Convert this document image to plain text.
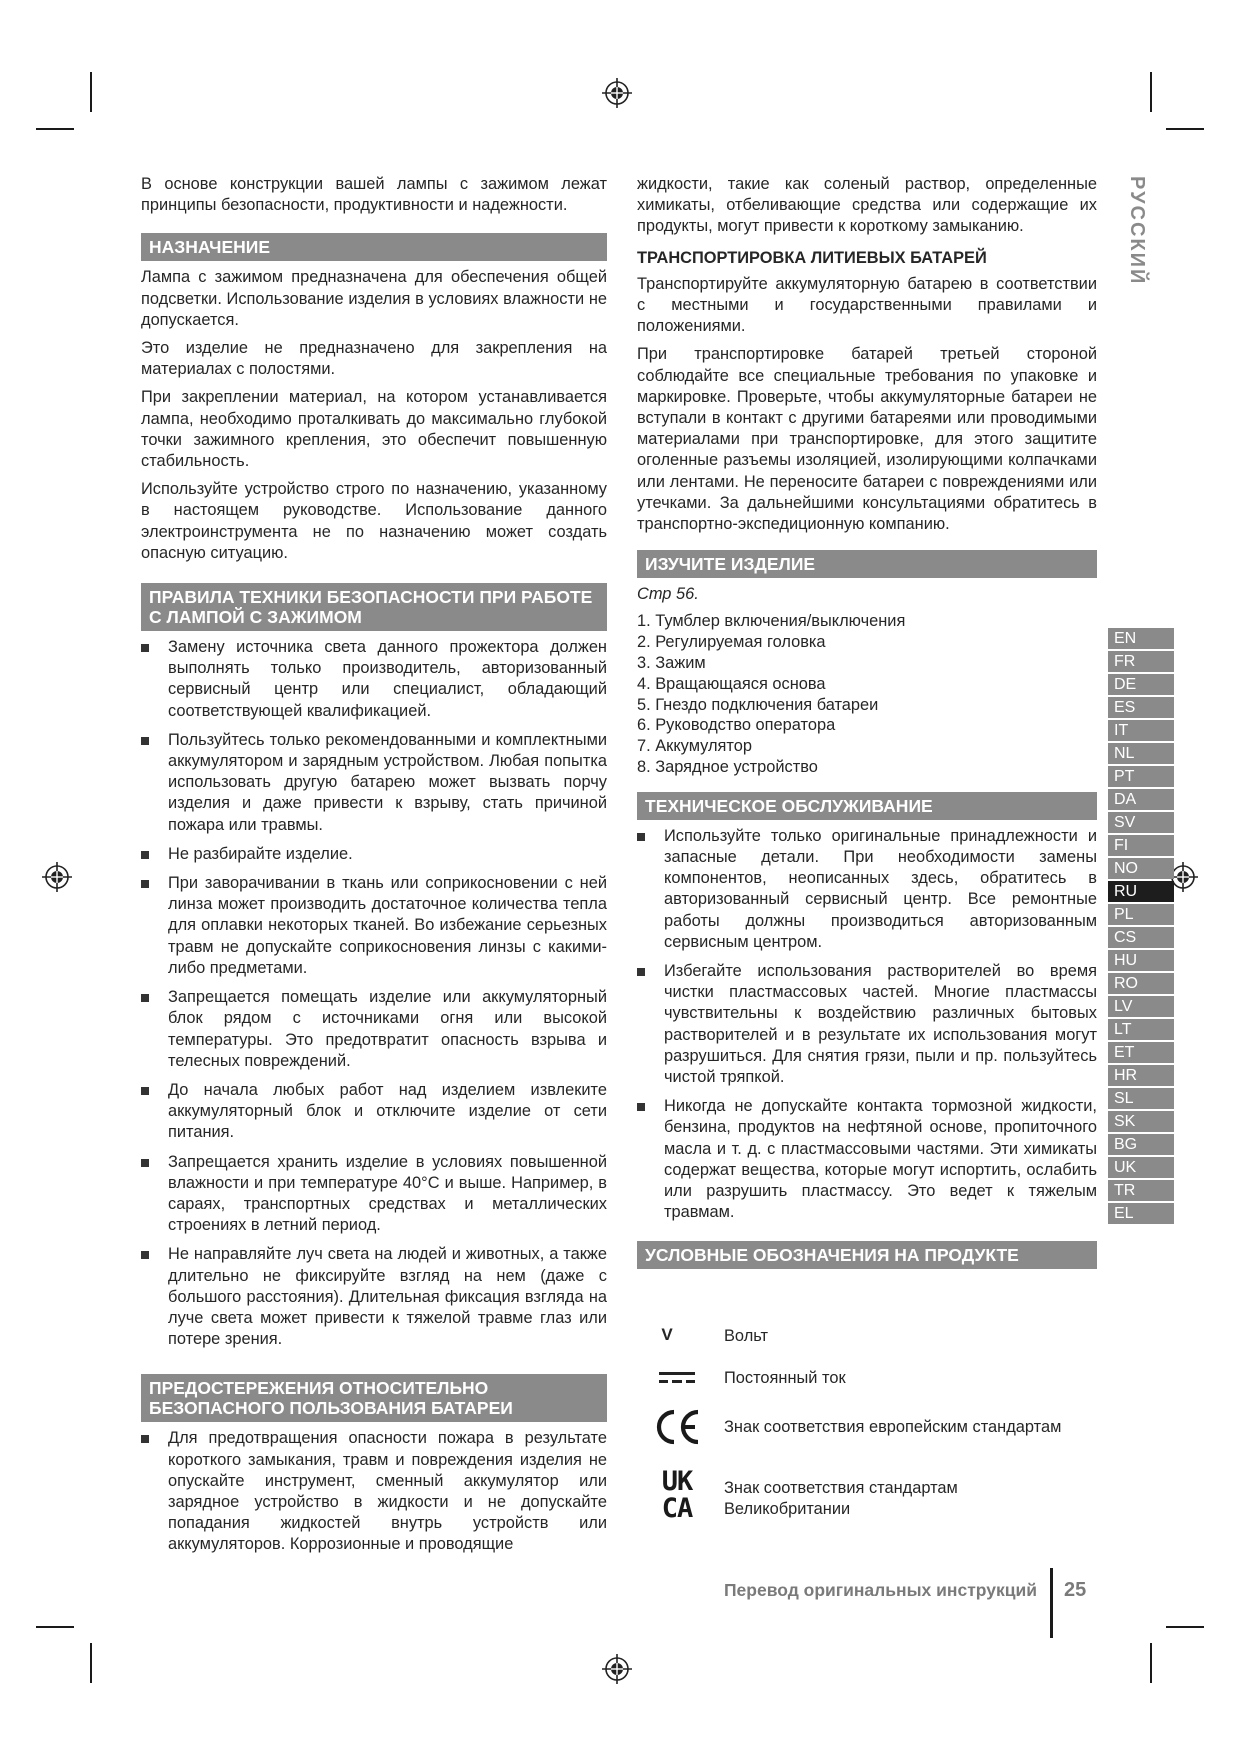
В основе конструкции вашей лампы с зажимом лежат принципы безопасности, продуктивности и надежности.

НАЗНАЧЕНИЕ

Лампа с зажимом предназначена для обеспечения общей подсветки. Использование изделия в условиях влажности не допускается.

Это изделие не предназначено для закрепления на материалах с полостями.

При закреплении материал, на котором устанавливается лампа, необходимо проталкивать до максимально глубокой точки зажимного крепления, это обеспечит повышенную стабильность.

Используйте устройство строго по назначению, указанному в настоящем руководстве. Использование данного электроинструмента не по назначению может создать опасную ситуацию.

ПРАВИЛА ТЕХНИКИ БЕЗОПАСНОСТИ ПРИ РАБОТЕ С ЛАМПОЙ С ЗАЖИМОМ
Замену источника света данного прожектора должен выполнять только производитель, авторизованный сервисный центр или специалист, обладающий соответствующей квалификацией.
Пользуйтесь только рекомендованными и комплектными аккумулятором и зарядным устройством. Любая попытка использовать другую батарею может вызвать порчу изделия и даже привести к взрыву, стать причиной пожара или травмы.
Не разбирайте изделие.
При заворачивании в ткань или соприкосновении с ней линза может производить достаточное количества тепла для оплавки некоторых тканей. Во избежание серьезных травм не допускайте соприкосновения линзы с какими-либо предметами.
Запрещается помещать изделие или аккумуляторный блок рядом с источниками огня или высокой температуры. Это предотвратит опасность взрыва и телесных повреждений.
До начала любых работ над изделием извлеките аккумуляторный блок и отключите изделие от сети питания.
Запрещается хранить изделие в условиях повышенной влажности и при температуре 40°C и выше. Например, в сараях, транспортных средствах и металлических строениях в летний период.
Не направляйте луч света на людей и животных, а также длительно не фиксируйте взгляд на нем (даже с большого расстояния). Длительная фиксация взгляда на луче света может привести к тяжелой травме глаз или потере зрения.
ПРЕДОСТЕРЕЖЕНИЯ ОТНОСИТЕЛЬНО БЕЗОПАСНОГО ПОЛЬЗОВАНИЯ БАТАРЕИ
Для предотвращения опасности пожара в результате короткого замыкания, травм и повреждения изделия не опускайте инструмент, сменный аккумулятор или зарядное устройство в жидкости и не допускайте попадания жидкостей внутрь устройств или аккумуляторов. Коррозионные и проводящие

жидкости, такие как соленый раствор, определенные химикаты, отбеливающие средства или содержащие их продукты, могут привести к короткому замыканию.

ТРАНСПОРТИРОВКА ЛИТИЕВЫХ БАТАРЕЙ

Транспортируйте аккумуляторную батарею в соответствии с местными и государственными правилами и положениями.

При транспортировке батарей третьей стороной соблюдайте все специальные требования по упаковке и маркировке. Проверьте, чтобы аккумуляторные батареи не вступали в контакт с другими батареями или проводимыми материалами при транспортировке, для этого защитите оголенные разъемы изоляцией, изолирующими колпачками или лентами. Не переносите батареи с повреждениями или утечками. За дальнейшими консультациями обратитесь в транспортно-экспедиционную компанию.

ИЗУЧИТЕ ИЗДЕЛИЕ
Стр 56.
1. Тумблер включения/выключения
2. Регулируемая головка
3. Зажим
4. Вращающаяся основа
5. Гнездо подключения батареи
6. Руководство оператора
7. Аккумулятор
8. Зарядное устройство
ТЕХНИЧЕСКОЕ ОБСЛУЖИВАНИЕ
Используйте только оригинальные принадлежности и запасные детали. При необходимости замены компонентов, неописанных здесь, обратитесь в авторизованный сервисный центр. Все ремонтные работы должны производиться авторизованным сервисным центром.
Избегайте использования растворителей во время чистки пластмассовых частей. Многие пластмассы чувствительны к воздействию различных бытовых растворителей и в результате их использования могут разрушиться. Для снятия грязи, пыли и пр. пользуйтесь чистой тряпкой.
Никогда не допускайте контакта тормозной жидкости, бензина, продуктов на нефтяной основе, пропиточного масла и т. д. с пластмассовыми частями. Эти химикаты содержат вещества, которые могут испортить, ослабить или разрушить пластмассу. Это ведет к тяжелым травмам.
УСЛОВНЫЕ ОБОЗНАЧЕНИЯ НА ПРОДУКТЕ
V	Вольт
Постоянный ток
Знак соответствия европейским стандартам
UK
CA
Знак соответствия стандартам Великобритании
РУССКИЙ
EN
FR
DE
ES
IT
NL
PT
DA
SV
FI
NO
RU
PL
CS
HU
RO
LV
LT
ET
HR
SL
SK
BG
UK
TR
EL
Перевод оригинальных инструкций 25
